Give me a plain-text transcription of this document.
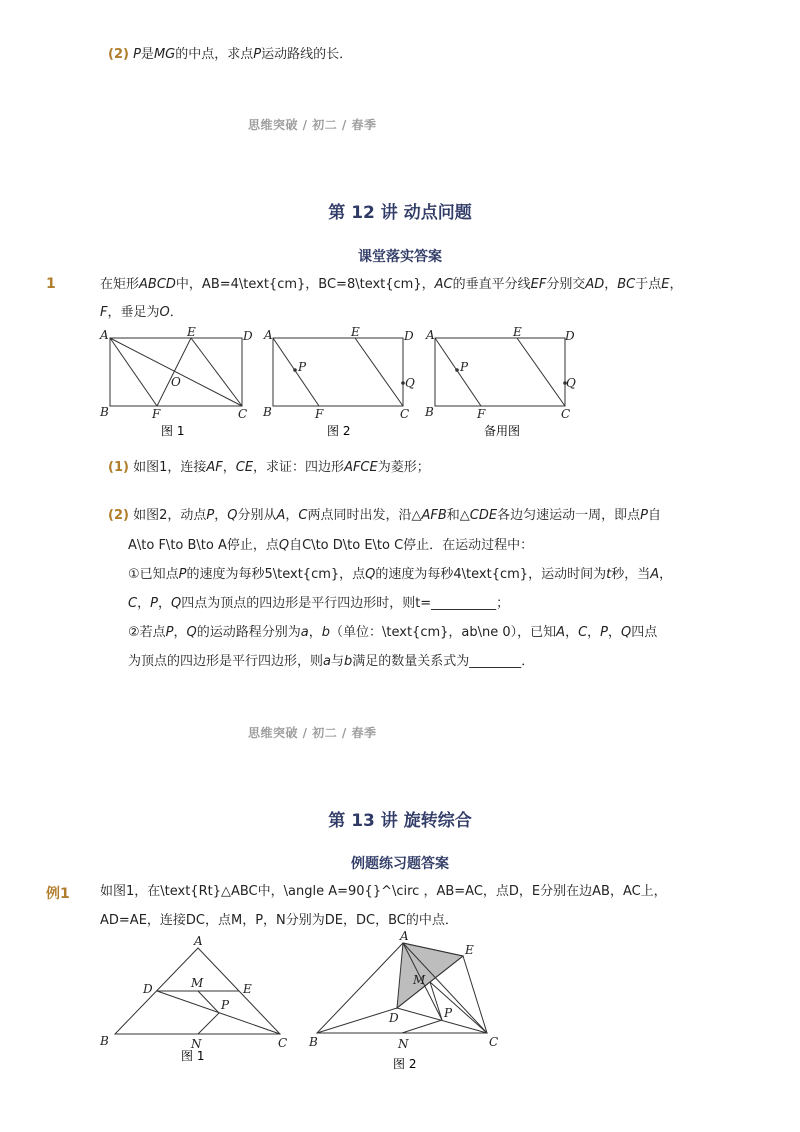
(2) P是MG的中点，求点P运动路线的长．
思维突破 / 初二 / 春季
第 12 讲 动点问题
课堂落实答案
1	在矩形ABCD中，AB=4\text{cm}，BC=8\text{cm}，AC的垂直平分线EF分别交AD，BC于点E，
F，垂足为O．
A	E	D
B	F	C
O
图 1
A	E	D
P
Q
B	F	C
图 2
A	E	D
P
Q
B	F	C
备用图
(1) 如图1，连接AF，CE，求证：四边形AFCE为菱形；
(2) 如图2，动点P，Q分别从A，C两点同时出发，沿△AFB和△CDE各边匀速运动一周，即点P自
A\to F\to B\to A停止，点Q自C\to D\to E\to C停止．在运动过程中：
①已知点P的速度为每秒5\text{cm}，点Q的速度为每秒4\text{cm}，运动时间为t秒，当A，
C，P，Q四点为顶点的四边形是平行四边形时，则t=__________；
②若点P，Q的运动路程分别为a，b（单位：\text{cm}，ab\ne 0），已知A，C，P，Q四点
为顶点的四边形是平行四边形，则a与b满足的数量关系式为________．
思维突破 / 初二 / 春季
第 13 讲 旋转综合
例题练习题答案
例1 如图1，在\text{Rt}△ABC中，\angle A=90{}^\circ ，AB=AC，点D，E分别在边AB，AC上，
AD=AE，连接DC，点M，P，N分别为DE，DC，BC的中点．
A
D	E
M
P
N
B	C
图 1
A
E
M
D	P
N
B	C
图 2
